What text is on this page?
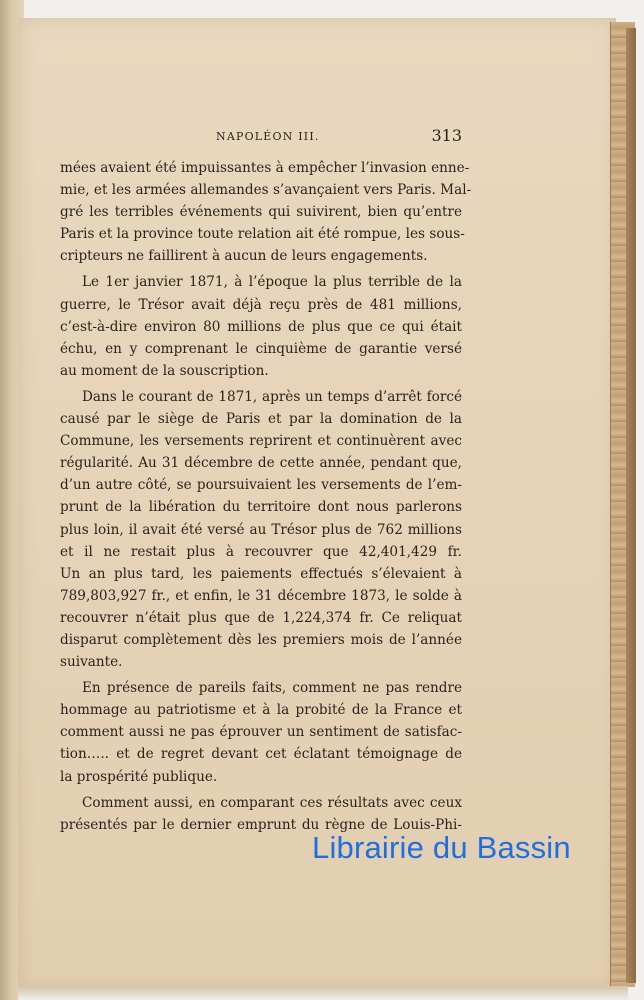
NAPOLÉON III.	313
mées avaient été impuissantes à empêcher l’invasion enne-
mie, et les armées allemandes s’avançaient vers Paris. Mal-
gré les terribles événements qui suivirent, bien qu’entre
Paris et la province toute relation ait été rompue, les sous-
cripteurs ne faillirent à aucun de leurs engagements.
Le 1er janvier 1871, à l’époque la plus terrible de la
guerre, le Trésor avait déjà reçu près de 481 millions,
c’est-à-dire environ 80 millions de plus que ce qui était
échu, en y comprenant le cinquième de garantie versé
au moment de la souscription.
Dans le courant de 1871, après un temps d’arrêt forcé
causé par le siège de Paris et par la domination de la
Commune, les versements reprirent et continuèrent avec
régularité. Au 31 décembre de cette année, pendant que,
d’un autre côté, se poursuivaient les versements de l’em-
prunt de la libération du territoire dont nous parlerons
plus loin, il avait été versé au Trésor plus de 762 millions
et il ne restait plus à recouvrer que 42,401,429 fr.
Un an plus tard, les paiements effectués s’élevaient à
789,803,927 fr., et enfin, le 31 décembre 1873, le solde à
recouvrer n’était plus que de 1,224,374 fr. Ce reliquat
disparut complètement dès les premiers mois de l’année
suivante.
En présence de pareils faits, comment ne pas rendre
hommage au patriotisme et à la probité de la France et
comment aussi ne pas éprouver un sentiment de satisfac-
tion….. et de regret devant cet éclatant témoignage de
la prospérité publique.
Comment aussi, en comparant ces résultats avec ceux
présentés par le dernier emprunt du règne de Louis-Phi-
Librairie du Bassin
